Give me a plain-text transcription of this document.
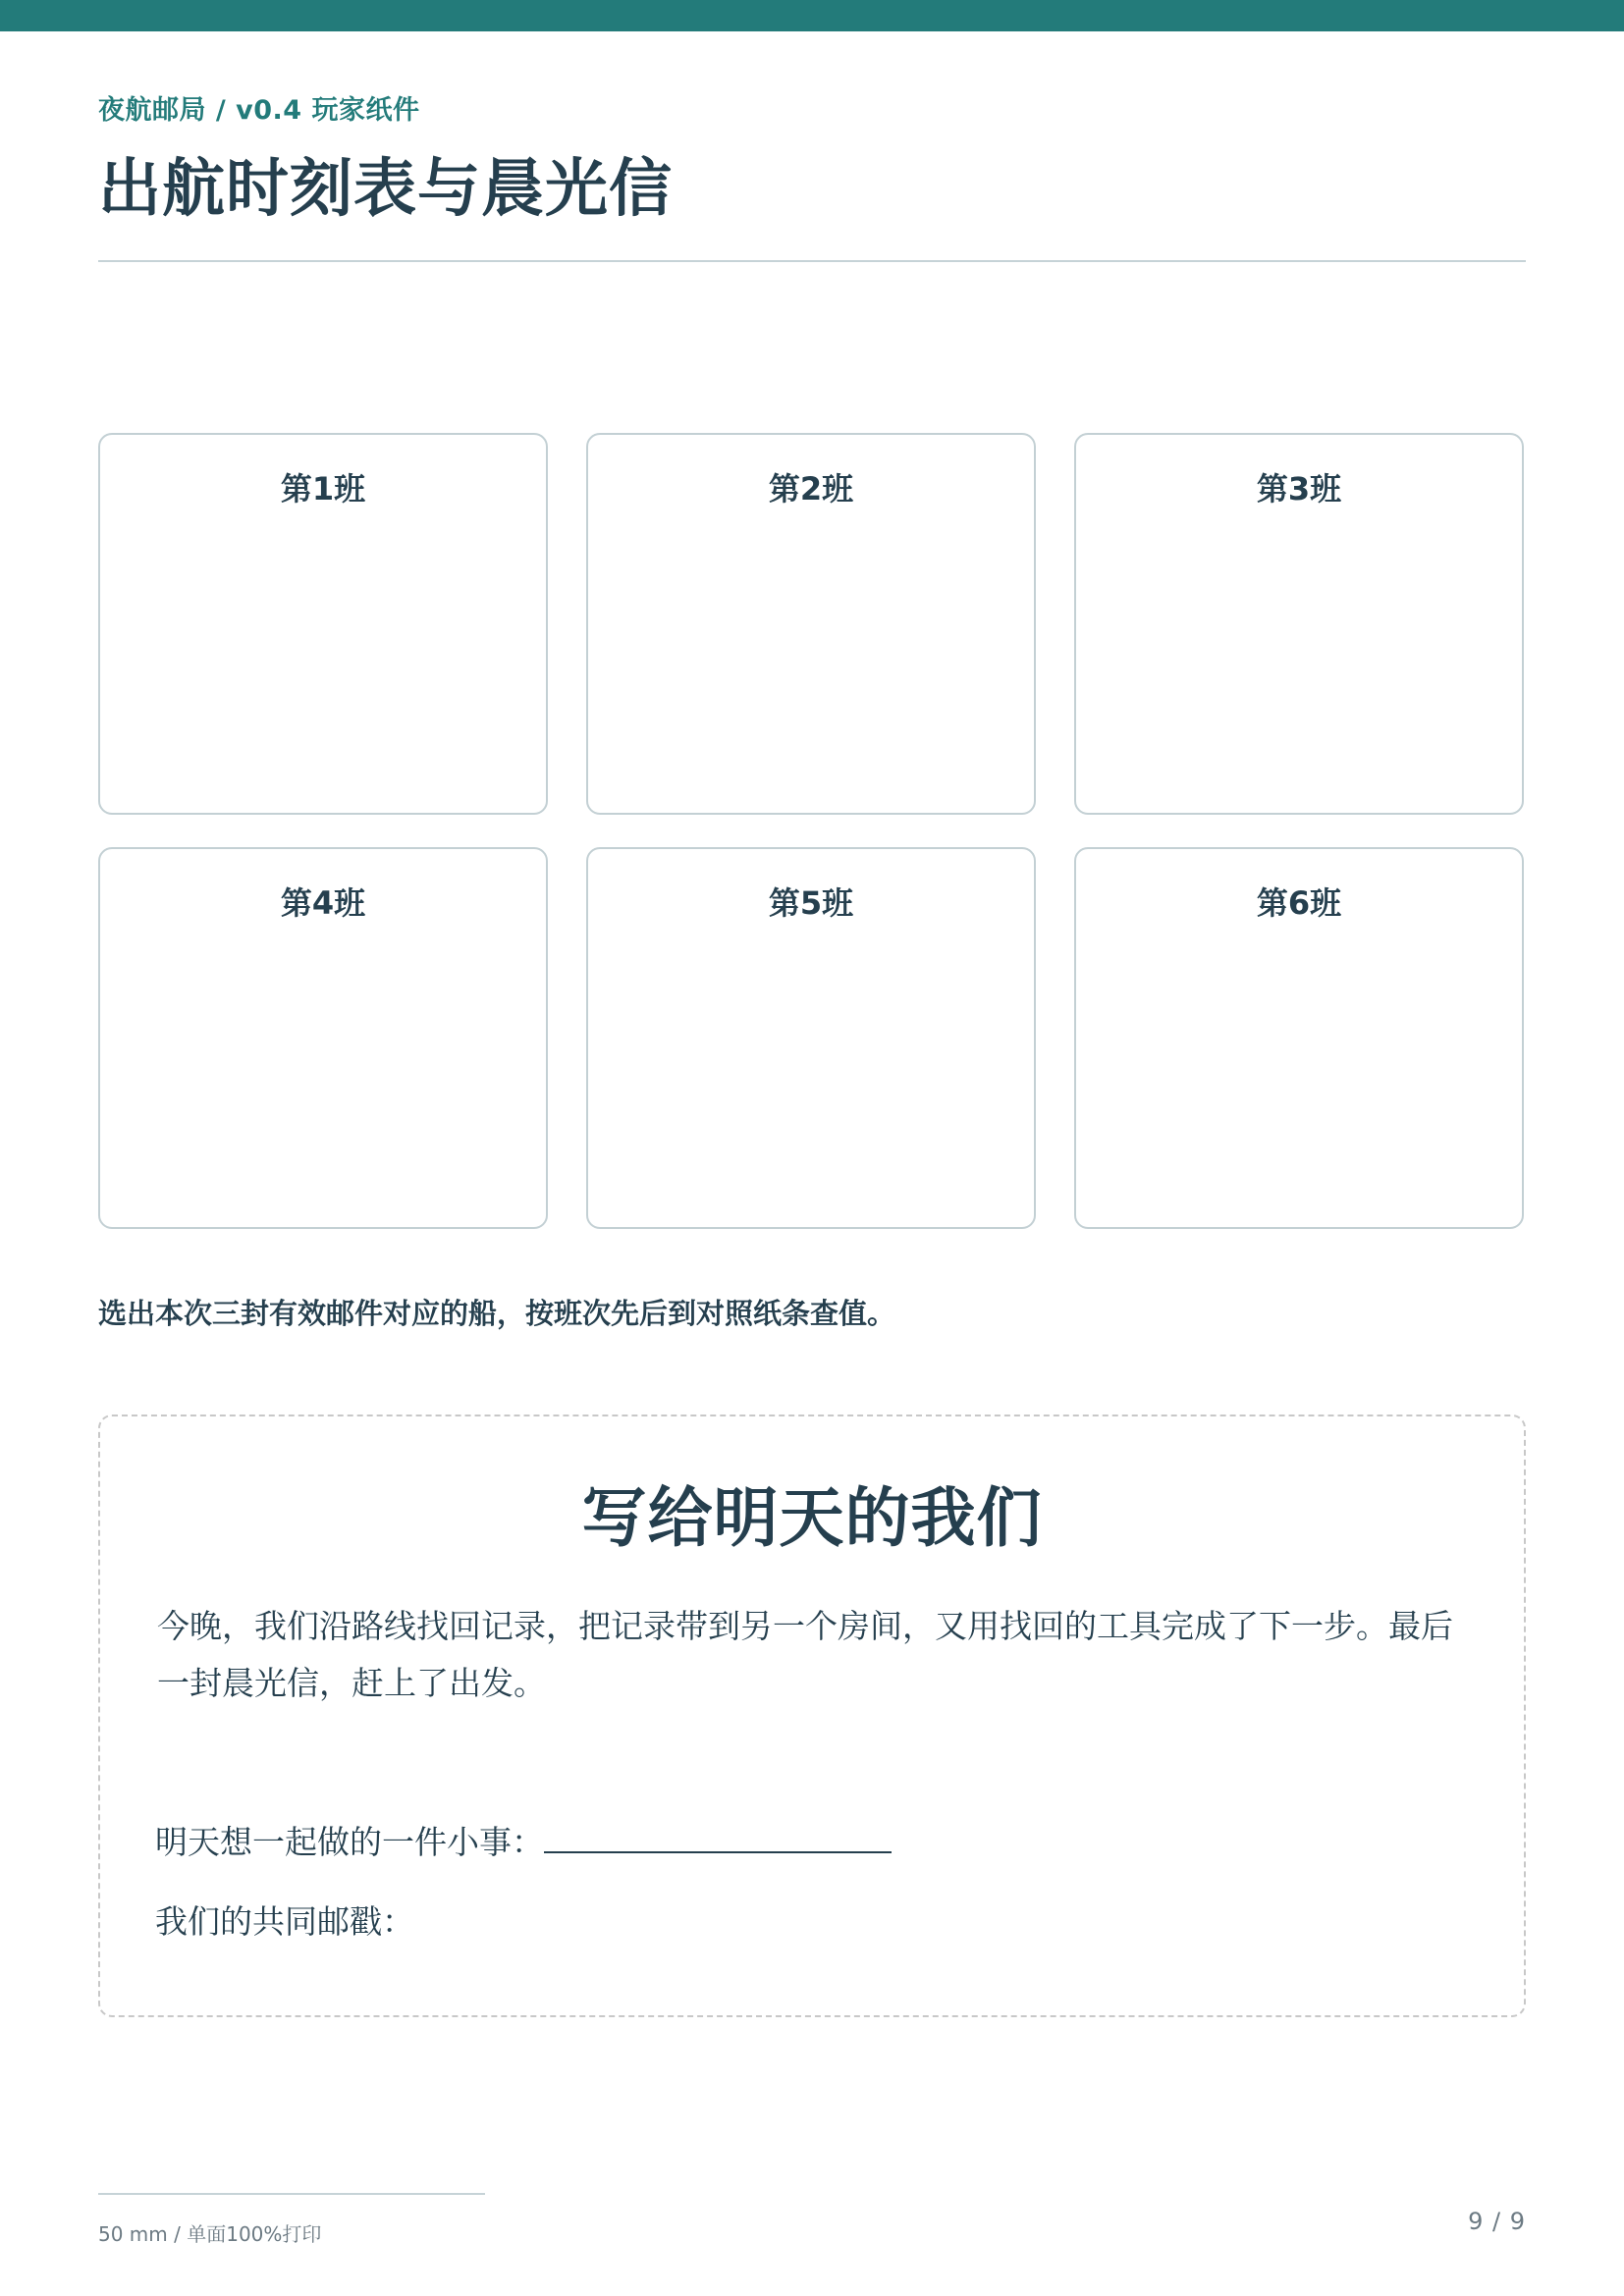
夜航邮局 / v0.4 玩家纸件
出航时刻表与晨光信
第1班	第2班	第3班
第4班	第5班	第6班
选出本次三封有效邮件对应的船，按班次先后到对照纸条查值。
写给明天的我们
今晚，我们沿路线找回记录，把记录带到另一个房间，又用找回的工具完成了下一步。最后一封晨光信，赶上了出发。
明天想一起做的一件小事：
我们的共同邮戳：
50 mm / 单面100%打印	9 / 9
